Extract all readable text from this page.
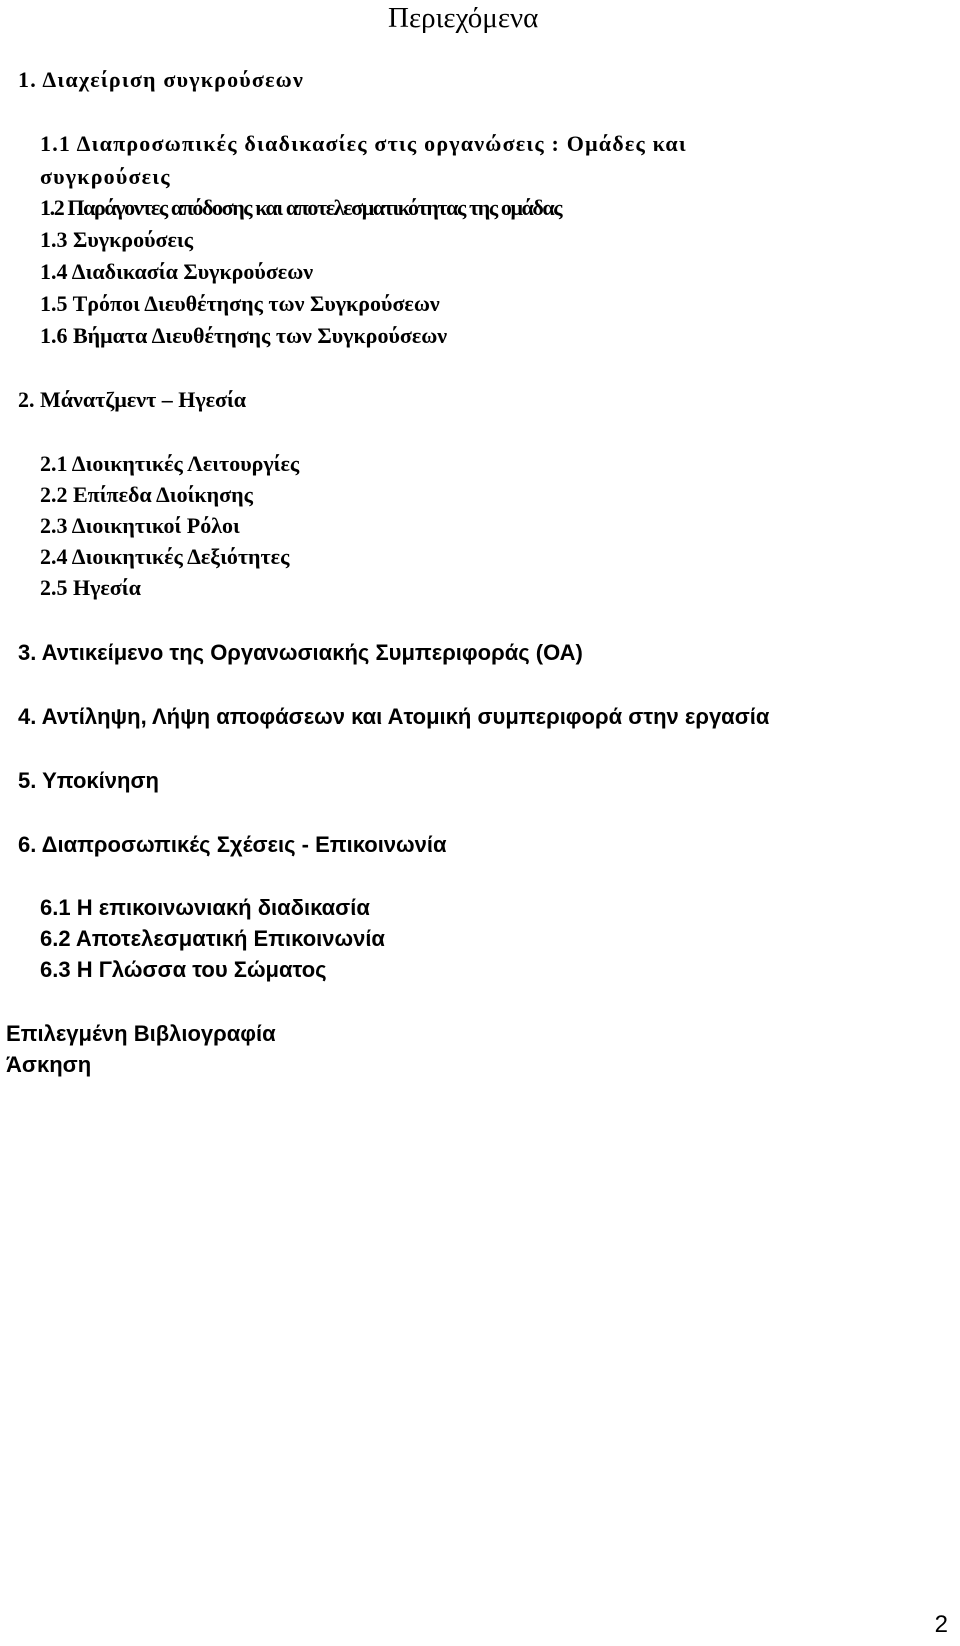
Περιεχόμενα

1. Διαχείριση συγκρούσεων

1.1 Διαπροσωπικές διαδικασίες στις οργανώσεις : Ομάδες και

συγκρούσεις

1.2 Παράγοντες απόδοσης και αποτελεσματικότητας της ομάδας

1.3 Συγκρούσεις

1.4 Διαδικασία Συγκρούσεων

1.5 Τρόποι Διευθέτησης των Συγκρούσεων

1.6 Βήματα Διευθέτησης των Συγκρούσεων

2. Μάνατζμεντ – Ηγεσία

2.1 Διοικητικές Λειτουργίες

2.2 Επίπεδα Διοίκησης

2.3 Διοικητικοί Ρόλοι

2.4 Διοικητικές Δεξιότητες

2.5 Ηγεσία

3. Αντικείμενο της Οργανωσιακής Συμπεριφοράς (ΟΑ)

4. Αντίληψη, Λήψη αποφάσεων και Ατομική συμπεριφορά στην εργασία

5. Υποκίνηση

6. Διαπροσωπικές Σχέσεις - Επικοινωνία

6.1 Η επικοινωνιακή διαδικασία

6.2 Αποτελεσματική Επικοινωνία

6.3 Η Γλώσσα του Σώματος

Επιλεγμένη Βιβλιογραφία

Άσκηση

2
